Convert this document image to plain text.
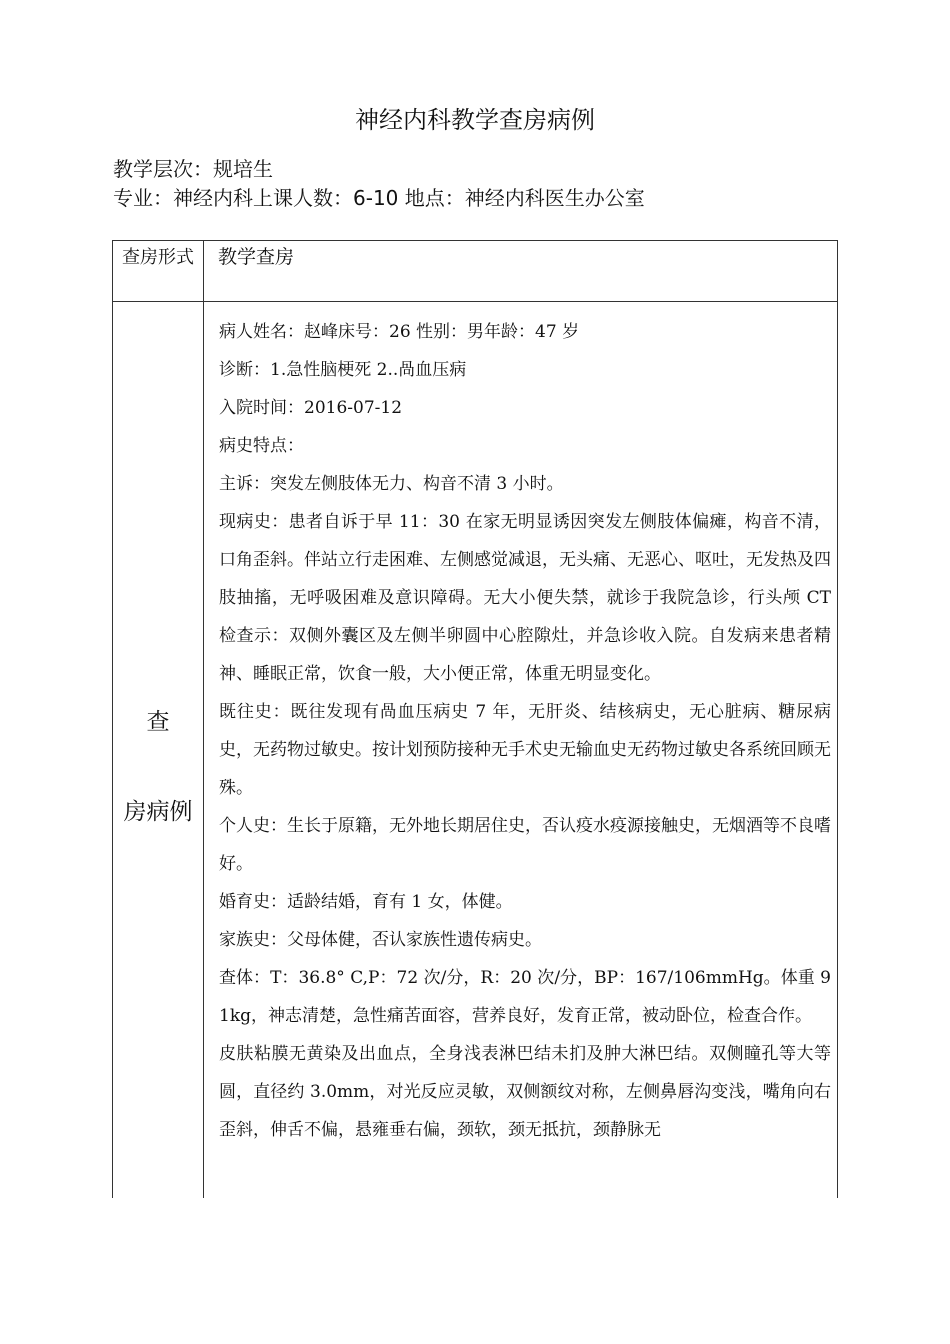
神经内科教学查房病例
教学层次：规培生
专业：神经内科上课人数：6-10 地点：神经内科医生办公室
查房形式 教学查房
查
房病例

病人姓名：赵峰床号：26 性别：男年龄：47 岁

诊断：1.急性脑梗死 2..咼血压病

入院时间：2016-07-12

病史特点：

主诉：突发左侧肢体无力、构音不清 3 小时。

现病史：患者自诉于早 11：30 在家无明显诱因突发左侧肢体偏瘫，构音不清，口角歪斜。伴站立行走困难、左侧感觉减退，无头痛、无恶心、呕吐，无发热及四肢抽搐，无呼吸困难及意识障碍。无大小便失禁，就诊于我院急诊，行头颅 CT 检查示：双侧外囊区及左侧半卵圆中心腔隙灶，并急诊收入院。自发病来患者精神、睡眠正常，饮食一般，大小便正常，体重无明显变化。

既往史：既往发现有咼血压病史 7 年，无肝炎、结核病史，无心脏病、糖尿病史，无药物过敏史。按计划预防接种无手术史无输血史无药物过敏史各系统回顾无殊。

个人史：生长于原籍，无外地长期居住史，否认疫水疫源接触史，无烟酒等不良嗜好。

婚育史：适龄结婚，育有 1 女，体健。

家族史：父母体健，否认家族性遗传病史。

查体：T：36.8° C,P：72 次/分，R：20 次/分，BP：167/106mmHg。体重 91kg，神志清楚，急性痛苦面容，营养良好，发育正常，被动卧位，检查合作。

皮肤粘膜无黄染及出血点，全身浅表淋巴结未扪及肿大淋巴结。双侧瞳孔等大等圆，直径约 3.0mm，对光反应灵敏，双侧额纹对称，左侧鼻唇沟变浅，嘴角向右歪斜，伸舌不偏，悬雍垂右偏，颈软，颈无抵抗，颈静脉无
